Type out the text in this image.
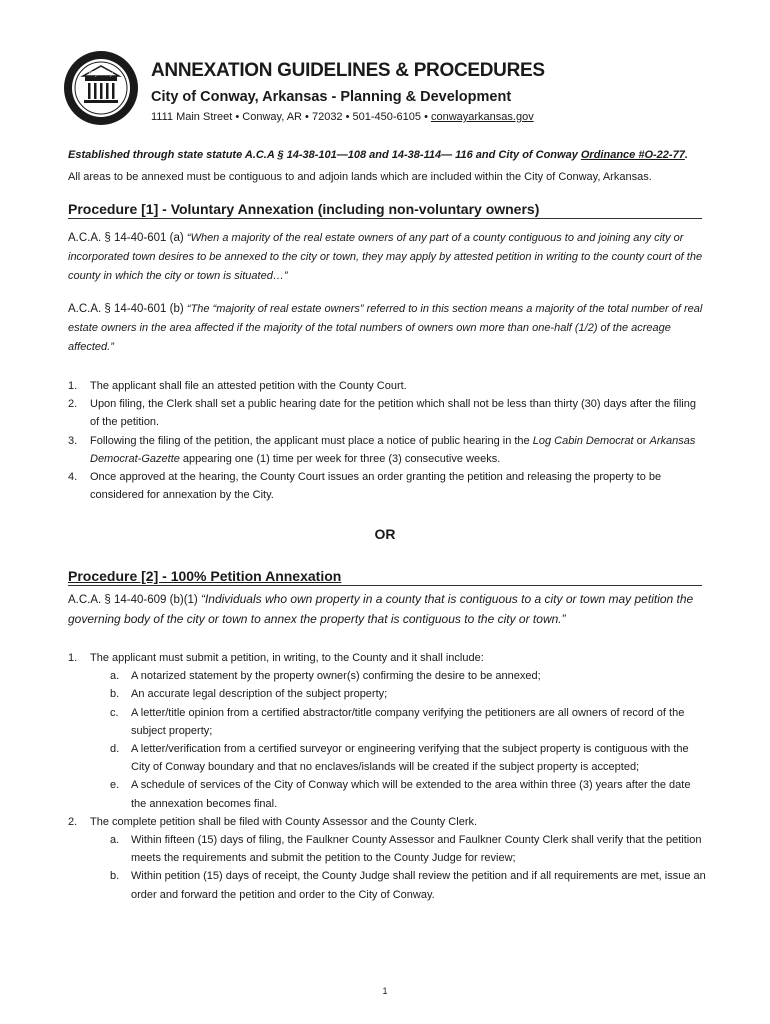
Cty of Cy ANNEXATION GUIDELINES & PROCEDURES
City of Conway, Arkansas - Planning & Development
1111 Main Street • Conway, AR • 72032 • 501-450-6105 • conwayarkansas.gov
Established through state statute A.C.A § 14-38-101—108 and 14-38-114— 116 and City of Conway Ordinance #O-22-77.
All areas to be annexed must be contiguous to and adjoin lands which are included within the City of Conway, Arkansas.
Procedure [1] - Voluntary Annexation (including non-voluntary owners)
A.C.A. § 14-40-601 (a) “When a majority of the real estate owners of any part of a county contiguous to and joining any city or incorporated town desires to be annexed to the city or town, they may apply by attested petition in writing to the county court of the county in which the city or town is situated…”
A.C.A. § 14-40-601 (b) “The “majority of real estate owners” referred to in this section means a majority of the total number of real estate owners in the area affected if the majority of the total numbers of owners own more than one-half (1/2) of the acreage affected.”
1. The applicant shall file an attested petition with the County Court.
2. Upon filing, the Clerk shall set a public hearing date for the petition which shall not be less than thirty (30) days after the filing of the petition.
3. Following the filing of the petition, the applicant must place a notice of public hearing in the Log Cabin Democrat or Arkansas Democrat-Gazette appearing one (1) time per week for three (3) consecutive weeks.
4. Once approved at the hearing, the County Court issues an order granting the petition and releasing the property to be considered for annexation by the City.
OR
Procedure [2] - 100% Petition Annexation
A.C.A. § 14-40-609 (b)(1) “Individuals who own property in a county that is contiguous to a city or town may petition the governing body of the city or town to annex the property that is contiguous to the city or town.”
1. The applicant must submit a petition, in writing, to the County and it shall include:
a. A notarized statement by the property owner(s) confirming the desire to be annexed;
b. An accurate legal description of the subject property;
c. A letter/title opinion from a certified abstractor/title company verifying the petitioners are all owners of record of the subject property;
d. A letter/verification from a certified surveyor or engineering verifying that the subject property is contiguous with the City of Conway boundary and that no enclaves/islands will be created if the subject property is accepted;
e. A schedule of services of the City of Conway which will be extended to the area within three (3) years after the date the annexation becomes final.
2. The complete petition shall be filed with County Assessor and the County Clerk.
a. Within fifteen (15) days of filing, the Faulkner County Assessor and Faulkner County Clerk shall verify that the petition meets the requirements and submit the petition to the County Judge for review;
b. Within petition (15) days of receipt, the County Judge shall review the petition and if all requirements are met, issue an order and forward the petition and order to the City of Conway.
1
